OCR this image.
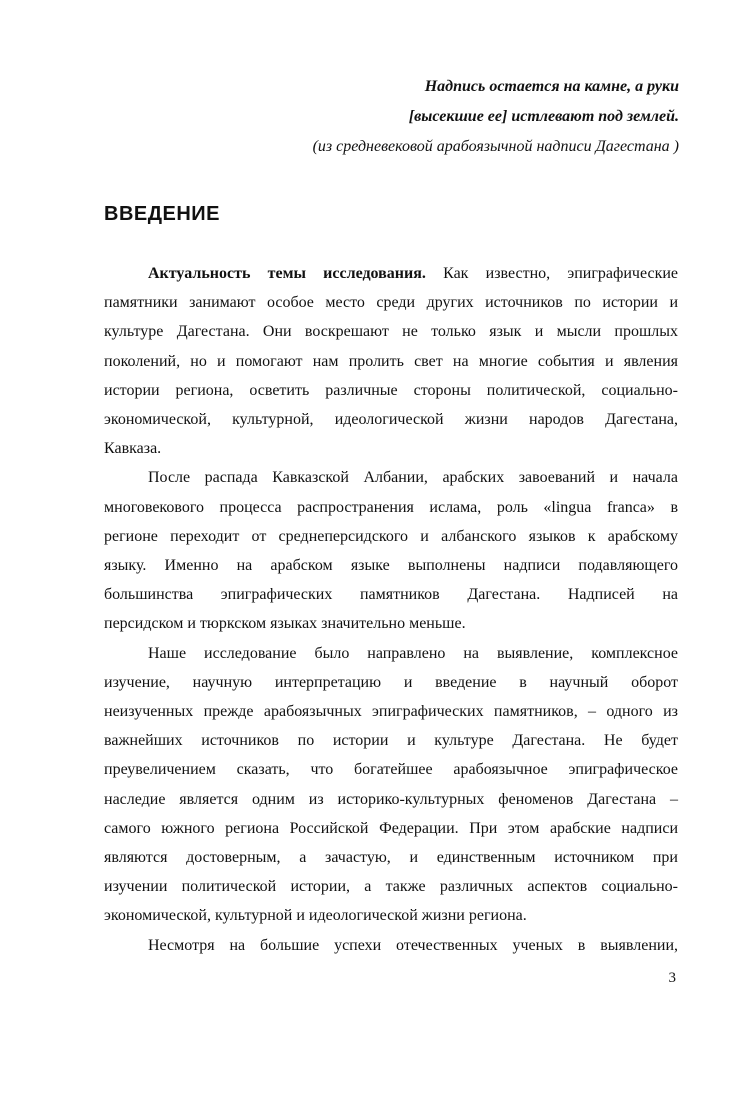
Надпись остается на камне, а руки
[высекшие ее] истлевают под землей.
(из средневековой арабоязычной надписи Дагестана )
ВВЕДЕНИЕ
Актуальность темы исследования. Как известно, эпиграфические
памятники занимают особое место среди других источников по истории и
культуре Дагестана. Они воскрешают не только язык и мысли прошлых
поколений, но и помогают нам пролить свет на многие события и явления
истории региона, осветить различные стороны политической, социально-
экономической, культурной, идеологической жизни народов Дагестана,
Кавказа.
После распада Кавказской Албании, арабских завоеваний и начала
многовекового процесса распространения ислама, роль «lingua franca» в
регионе переходит от среднеперсидского и албанского языков к арабскому
языку. Именно на арабском языке выполнены надписи подавляющего
большинства эпиграфических памятников Дагестана. Надписей на
персидском и тюркском языках значительно меньше.
Наше исследование было направлено на выявление, комплексное
изучение, научную интерпретацию и введение в научный оборот
неизученных прежде арабоязычных эпиграфических памятников, – одного из
важнейших источников по истории и культуре Дагестана. Не будет
преувеличением сказать, что богатейшее арабоязычное эпиграфическое
наследие является одним из историко-культурных феноменов Дагестана –
самого южного региона Российской Федерации. При этом арабские надписи
являются достоверным, а зачастую, и единственным источником при
изучении политической истории, а также различных аспектов социально-
экономической, культурной и идеологической жизни региона.
Несмотря на большие успехи отечественных ученых в выявлении,
3
